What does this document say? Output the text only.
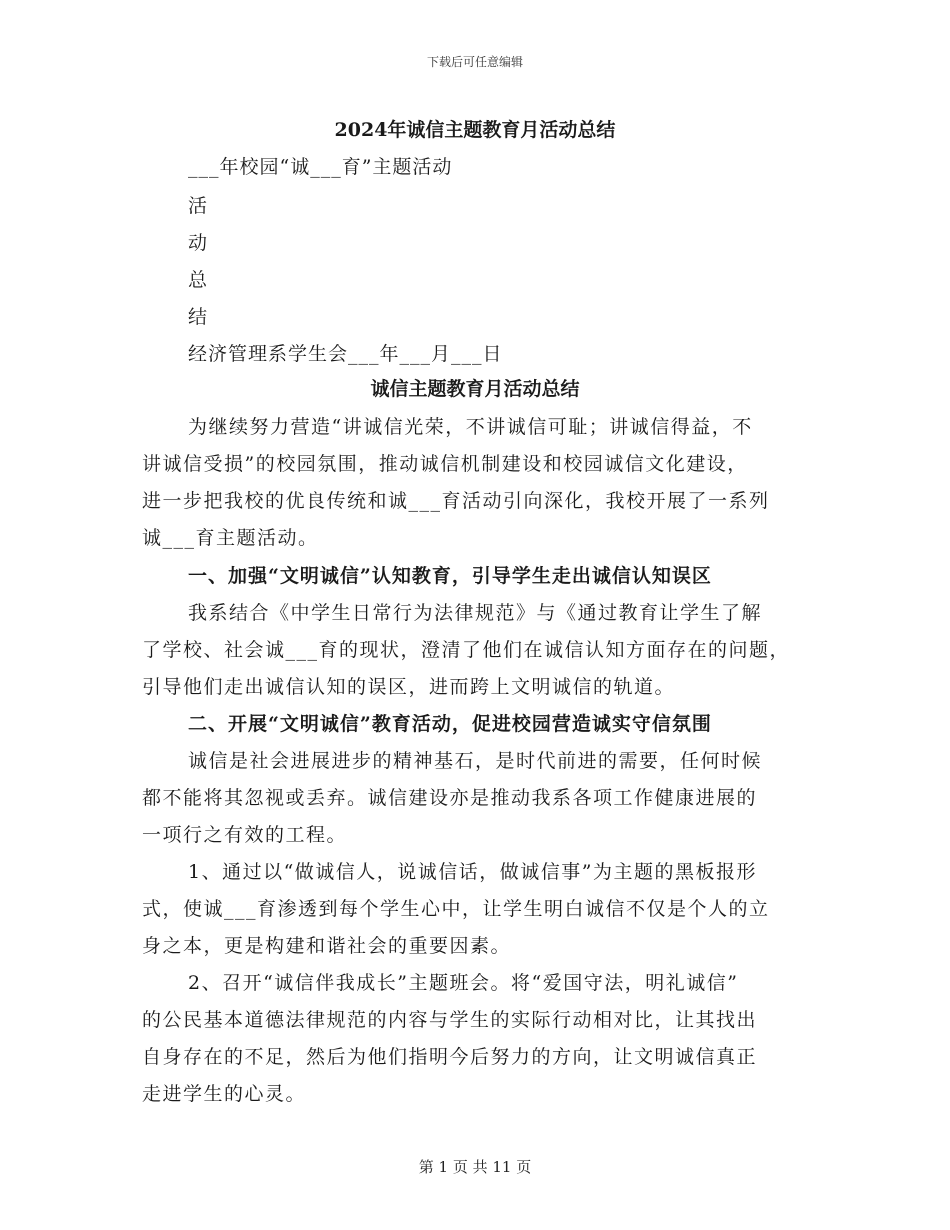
下载后可任意编辑
2024年诚信主题教育月活动总结
___年校园“诚___育”主题活动
活
动
总
结
经济管理系学生会___年___月___日
诚信主题教育月活动总结
为继续努力营造“讲诚信光荣，不讲诚信可耻；讲诚信得益，不
讲诚信受损”的校园氛围，推动诚信机制建设和校园诚信文化建设，
进一步把我校的优良传统和诚___育活动引向深化，我校开展了一系列
诚___育主题活动。
一、加强“文明诚信”认知教育，引导学生走出诚信认知误区
我系结合《中学生日常行为法律规范》与《通过教育让学生了解
了学校、社会诚___育的现状，澄清了他们在诚信认知方面存在的问题，
引导他们走出诚信认知的误区，进而跨上文明诚信的轨道。
二、开展“文明诚信”教育活动，促进校园营造诚实守信氛围
诚信是社会进展进步的精神基石，是时代前进的需要，任何时候
都不能将其忽视或丢弃。诚信建设亦是推动我系各项工作健康进展的
一项行之有效的工程。
1、通过以“做诚信人，说诚信话，做诚信事”为主题的黑板报形
式，使诚___育渗透到每个学生心中，让学生明白诚信不仅是个人的立
身之本，更是构建和谐社会的重要因素。
2、召开“诚信伴我成长”主题班会。将“爱国守法，明礼诚信”
的公民基本道德法律规范的内容与学生的实际行动相对比，让其找出
自身存在的不足，然后为他们指明今后努力的方向，让文明诚信真正
走进学生的心灵。
第 1 页 共 11 页
